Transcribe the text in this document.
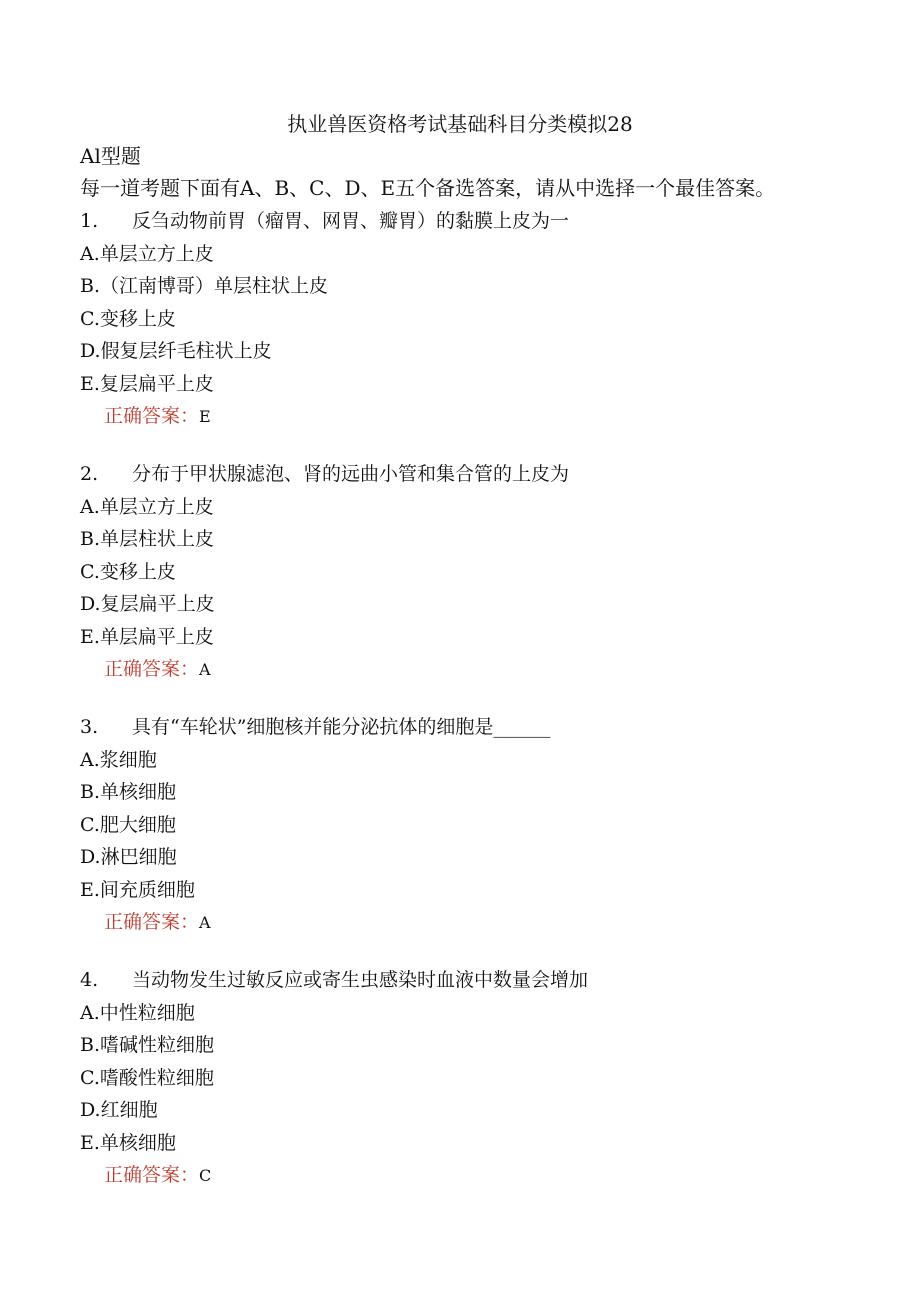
执业兽医资格考试基础科目分类模拟28
Al型题
每一道考题下面有A、B、C、D、E五个备选答案，请从中选择一个最佳答案。
1. 反刍动物前胃（瘤胃、网胃、瓣胃）的黏膜上皮为一
A.单层立方上皮
B.（江南博哥）单层柱状上皮
C.变移上皮
D.假复层纤毛柱状上皮
E.复层扁平上皮
正确答案：E
2. 分布于甲状腺滤泡、肾的远曲小管和集合管的上皮为
A.单层立方上皮
B.单层柱状上皮
C.变移上皮
D.复层扁平上皮
E.单层扁平上皮
正确答案：A
3. 具有“车轮状”细胞核并能分泌抗体的细胞是______
A.浆细胞
B.单核细胞
C.肥大细胞
D.淋巴细胞
E.间充质细胞
正确答案：A
4. 当动物发生过敏反应或寄生虫感染时血液中数量会增加
A.中性粒细胞
B.嗜碱性粒细胞
C.嗜酸性粒细胞
D.红细胞
E.单核细胞
正确答案：C
